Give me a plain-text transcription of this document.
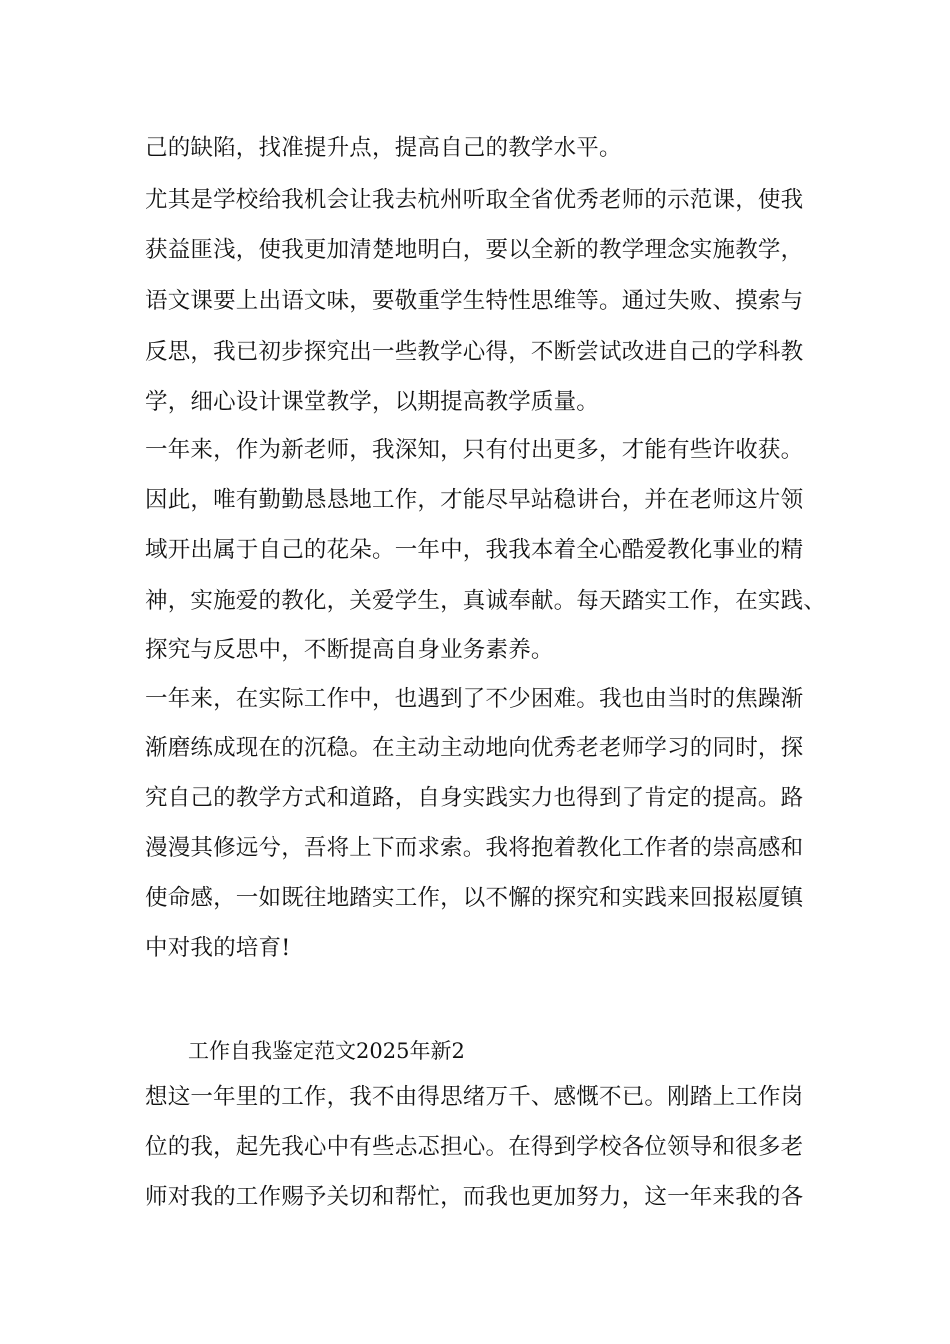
己的缺陷，找准提升点，提高自己的教学水平。
尤其是学校给我机会让我去杭州听取全省优秀老师的示范课，使我
获益匪浅，使我更加清楚地明白，要以全新的教学理念实施教学，
语文课要上出语文味，要敬重学生特性思维等。通过失败、摸索与
反思，我已初步探究出一些教学心得，不断尝试改进自己的学科教
学，细心设计课堂教学，以期提高教学质量。
一年来，作为新老师，我深知，只有付出更多，才能有些许收获。
因此，唯有勤勤恳恳地工作，才能尽早站稳讲台，并在老师这片领
域开出属于自己的花朵。一年中，我我本着全心酷爱教化事业的精
神，实施爱的教化，关爱学生，真诚奉献。每天踏实工作，在实践、
探究与反思中，不断提高自身业务素养。
一年来，在实际工作中，也遇到了不少困难。我也由当时的焦躁渐
渐磨练成现在的沉稳。在主动主动地向优秀老老师学习的同时，探
究自己的教学方式和道路，自身实践实力也得到了肯定的提高。路
漫漫其修远兮，吾将上下而求索。我将抱着教化工作者的崇高感和
使命感，一如既往地踏实工作，以不懈的探究和实践来回报崧厦镇
中对我的培育!
工作自我鉴定范文2025年新2
想这一年里的工作，我不由得思绪万千、感慨不已。刚踏上工作岗
位的我，起先我心中有些忐忑担心。在得到学校各位领导和很多老
师对我的工作赐予关切和帮忙，而我也更加努力，这一年来我的各
